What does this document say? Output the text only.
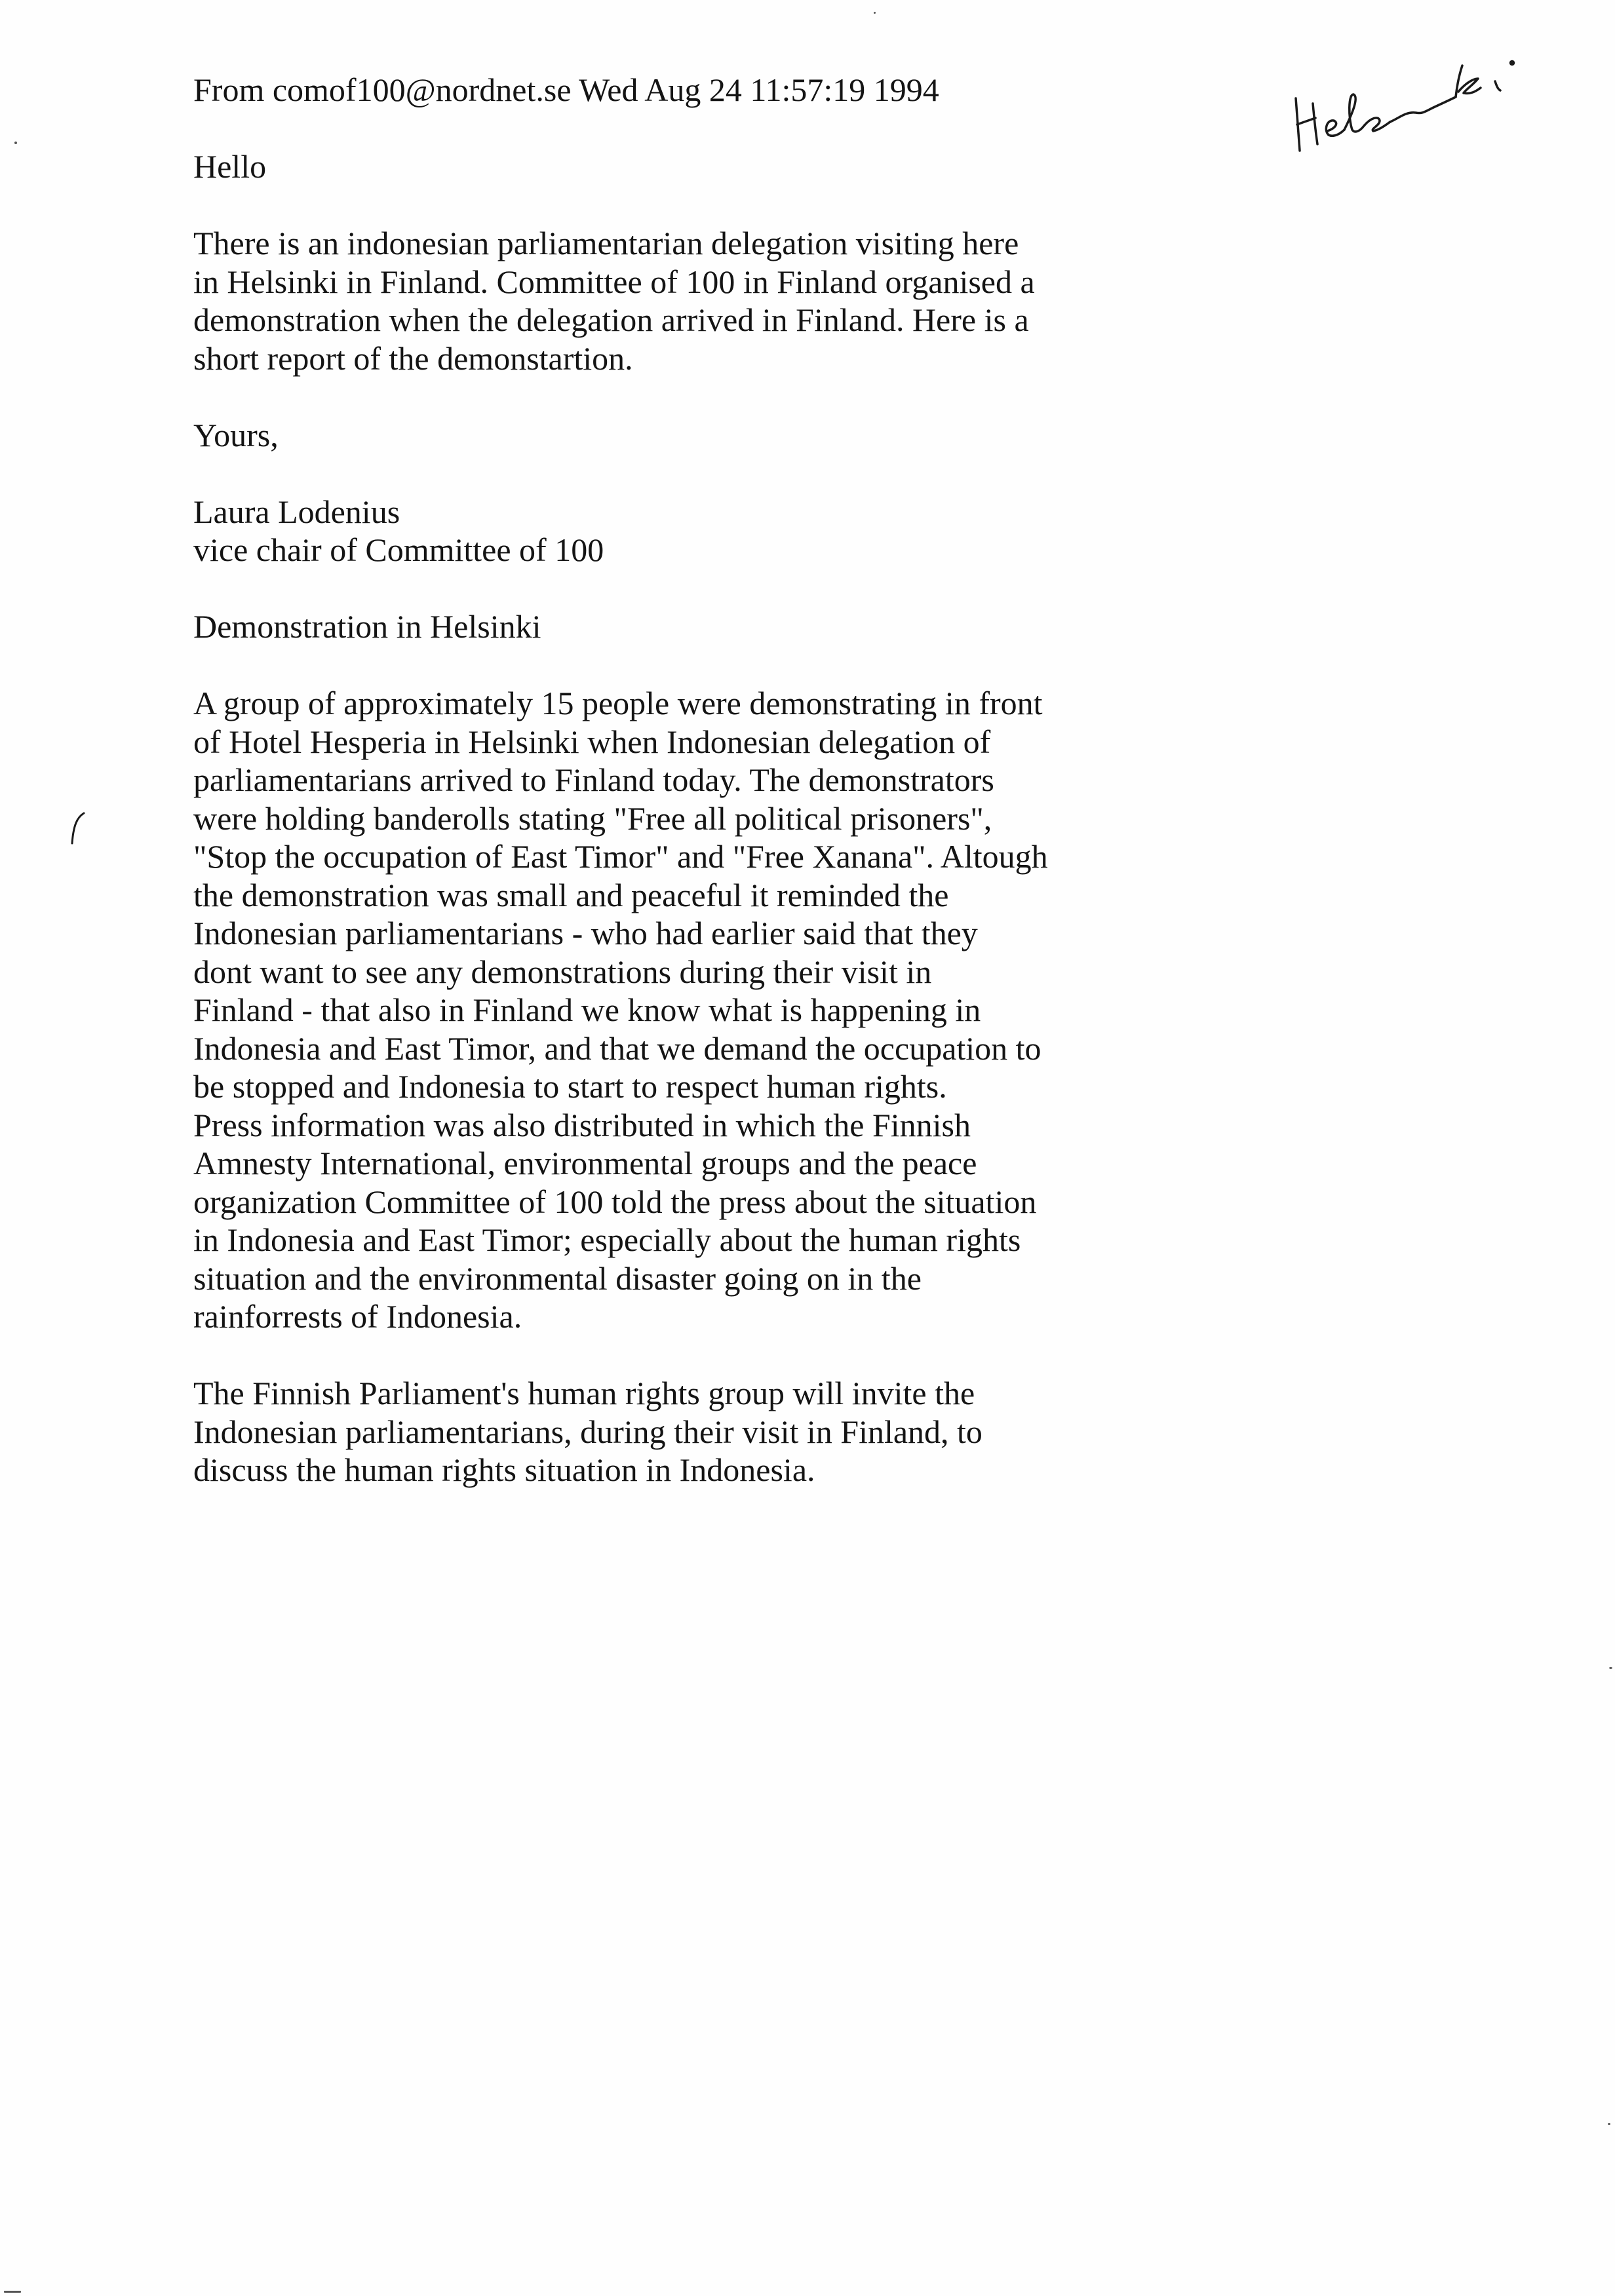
From comof100@nordnet.se Wed Aug 24 11:57:19 1994
Hello
There is an indonesian parliamentarian delegation visiting here
in Helsinki in Finland. Committee of 100 in Finland organised a
demonstration when the delegation arrived in Finland. Here is a
short report of the demonstartion.
Yours,
Laura Lodenius
vice chair of Committee of 100
Demonstration in Helsinki
A group of approximately 15 people were demonstrating in front
of Hotel Hesperia in Helsinki when Indonesian delegation of
parliamentarians arrived to Finland today. The demonstrators
were holding banderolls stating "Free all political prisoners",
"Stop the occupation of East Timor" and "Free Xanana". Altough
the demonstration was small and peaceful it reminded the
Indonesian parliamentarians - who had earlier said that they
dont want to see any demonstrations during their visit in
Finland - that also in Finland we know what is happening in
Indonesia and East Timor, and that we demand the occupation to
be stopped and Indonesia to start to respect human rights.
Press information was also distributed in which the Finnish
Amnesty International, environmental groups and the peace
organization Committee of 100 told the press about the situation
in Indonesia and East Timor; especially about the human rights
situation and the environmental disaster going on in the
rainforrests of Indonesia.
The Finnish Parliament's human rights group will invite the
Indonesian parliamentarians, during their visit in Finland, to
discuss the human rights situation in Indonesia.
